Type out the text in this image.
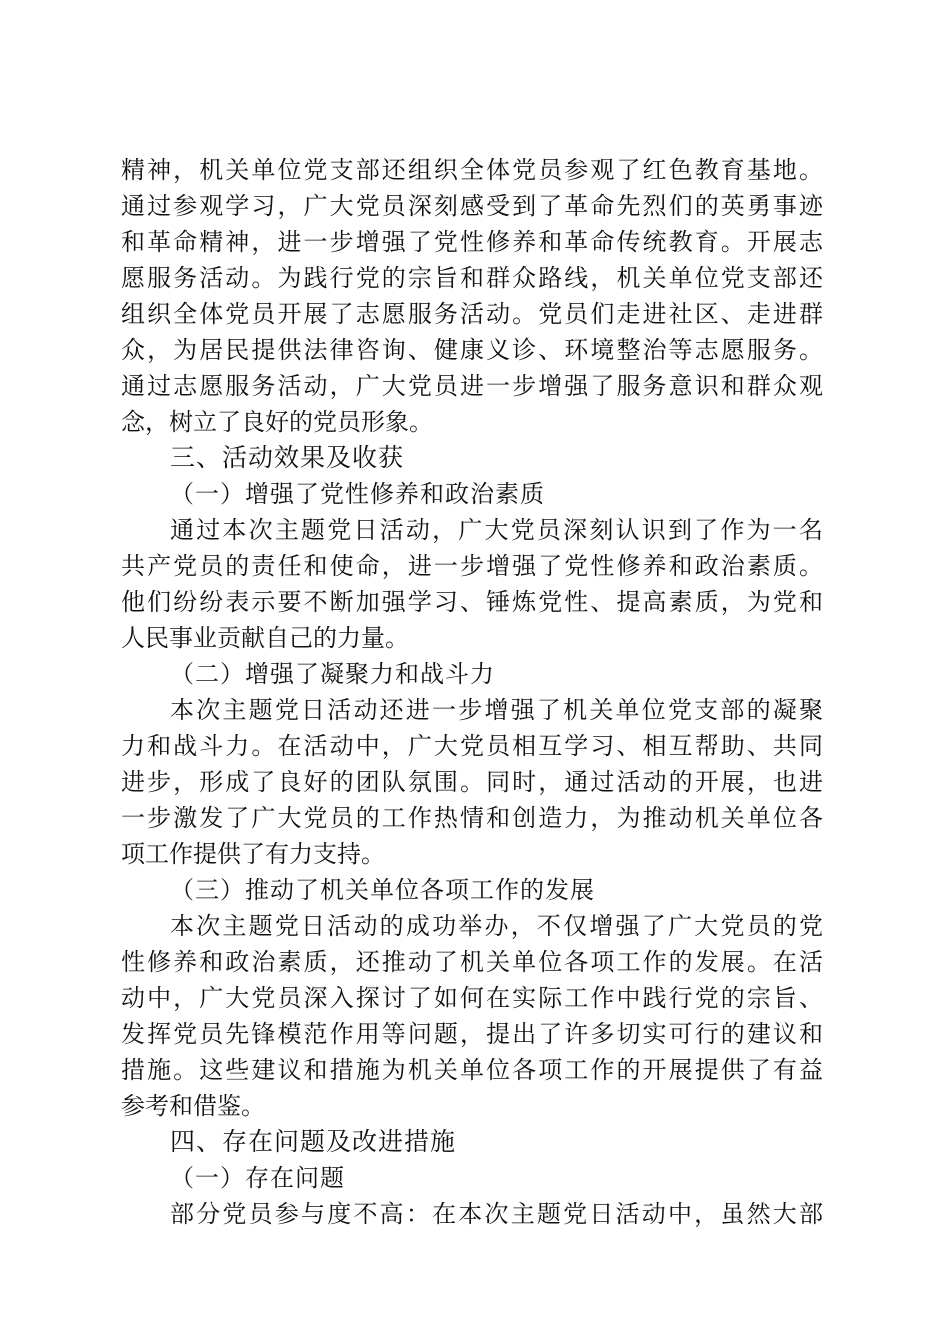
精神，机关单位党支部还组织全体党员参观了红色教育基地。
通过参观学习，广大党员深刻感受到了革命先烈们的英勇事迹
和革命精神，进一步增强了党性修养和革命传统教育。开展志
愿服务活动。为践行党的宗旨和群众路线，机关单位党支部还
组织全体党员开展了志愿服务活动。党员们走进社区、走进群
众，为居民提供法律咨询、健康义诊、环境整治等志愿服务。
通过志愿服务活动，广大党员进一步增强了服务意识和群众观
念，树立了良好的党员形象。
三、活动效果及收获
（一）增强了党性修养和政治素质
通过本次主题党日活动，广大党员深刻认识到了作为一名
共产党员的责任和使命，进一步增强了党性修养和政治素质。
他们纷纷表示要不断加强学习、锤炼党性、提高素质，为党和
人民事业贡献自己的力量。
（二）增强了凝聚力和战斗力
本次主题党日活动还进一步增强了机关单位党支部的凝聚
力和战斗力。在活动中，广大党员相互学习、相互帮助、共同
进步，形成了良好的团队氛围。同时，通过活动的开展，也进
一步激发了广大党员的工作热情和创造力，为推动机关单位各
项工作提供了有力支持。
（三）推动了机关单位各项工作的发展
本次主题党日活动的成功举办，不仅增强了广大党员的党
性修养和政治素质，还推动了机关单位各项工作的发展。在活
动中，广大党员深入探讨了如何在实际工作中践行党的宗旨、
发挥党员先锋模范作用等问题，提出了许多切实可行的建议和
措施。这些建议和措施为机关单位各项工作的开展提供了有益
参考和借鉴。
四、存在问题及改进措施
（一）存在问题
部分党员参与度不高：在本次主题党日活动中，虽然大部
